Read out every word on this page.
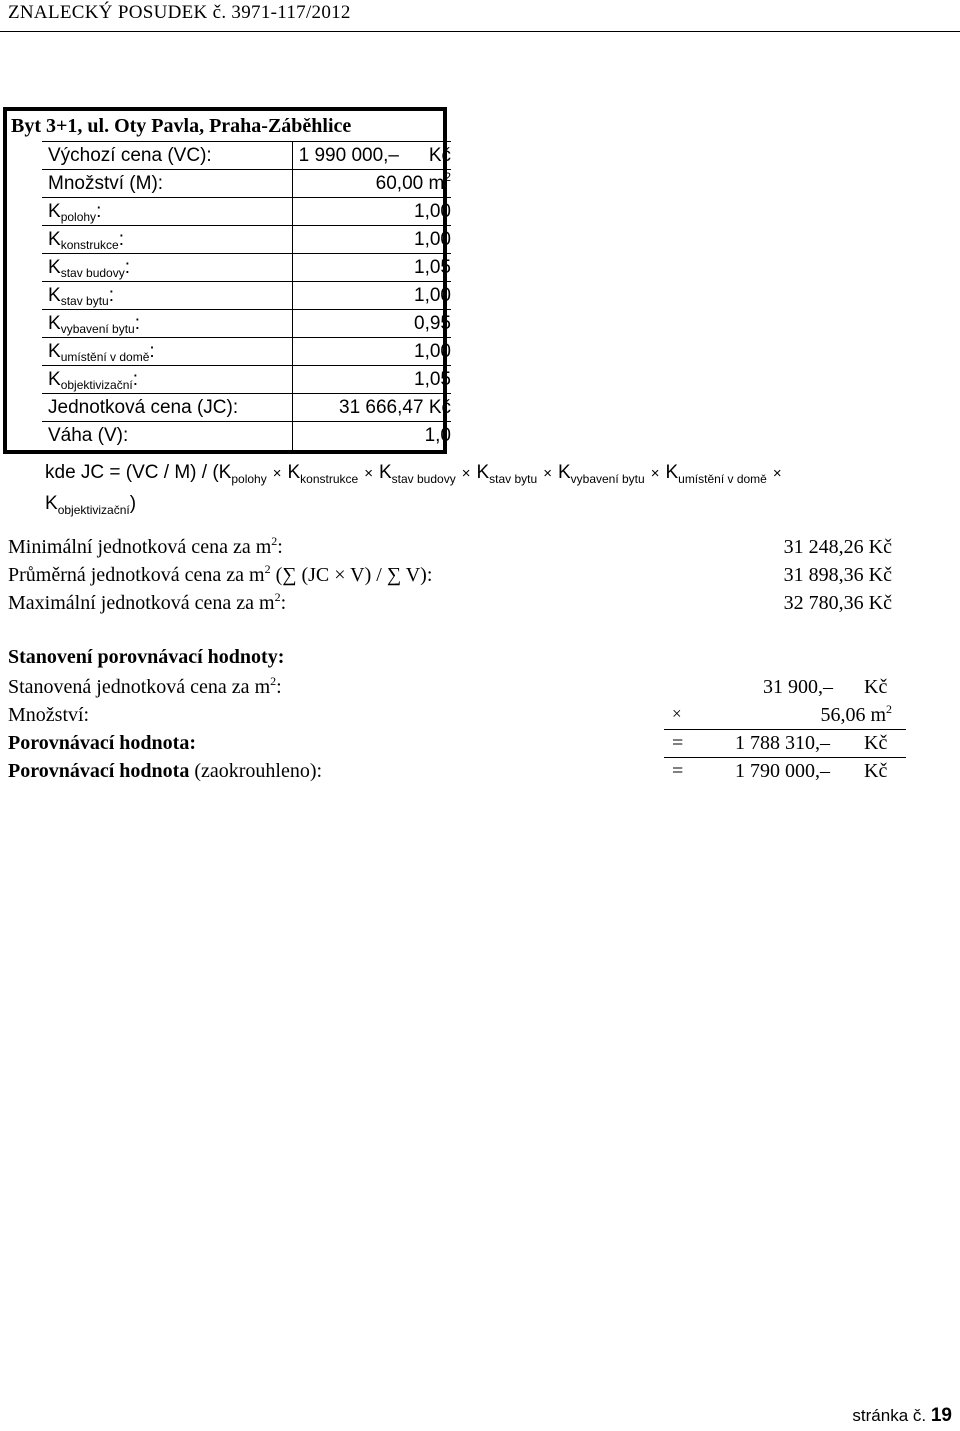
ZNALECKÝ POSUDEK č. 3971-117/2012
Byt 3+1, ul. Oty Pavla, Praha-Záběhlice
Výchozí cena (VC):	1 990 000,– Kč
Množství (M):	60,00 $m^2$
$K_{polohy}$:	1,00
$K_{konstrukce}$:	1,00
$K_{stav budovy}$:	1,05
$K_{stav bytu}$:	1,00
$K_{vybavení bytu}$:	0,95
$K_{umístění v domě}$:	1,00
$K_{objektivizační}$:	1,05
Jednotková cena (JC):	31 666,47 Kč
Váha (V):	1,0
kde JC = $(VC / M) / (K_{polohy} \times K_{konstrukce} \times K_{stav budovy} \times K_{stav bytu} \times K_{vybavení bytu} \times K_{umístění v domě}$ ×
$K_{objektivizační}$)
Minimální jednotková cena za $m^2$:	31 248,26 Kč
Průměrná jednotková cena za $m^2$ (∑ (JC × V) / ∑ V):	31 898,36 Kč
Maximální jednotková cena za $m^2$:	32 780,36 Kč
Stanovení porovnávací hodnoty:
Stanovená jednotková cena za $m^2$:	31 900,– Kč
Množství:	×	56,06 $m^2$
Porovnávací hodnota:	=	1 788 310,– Kč
Porovnávací hodnota (zaokrouhleno):	=	1 790 000,– Kč
stránka č. 19
